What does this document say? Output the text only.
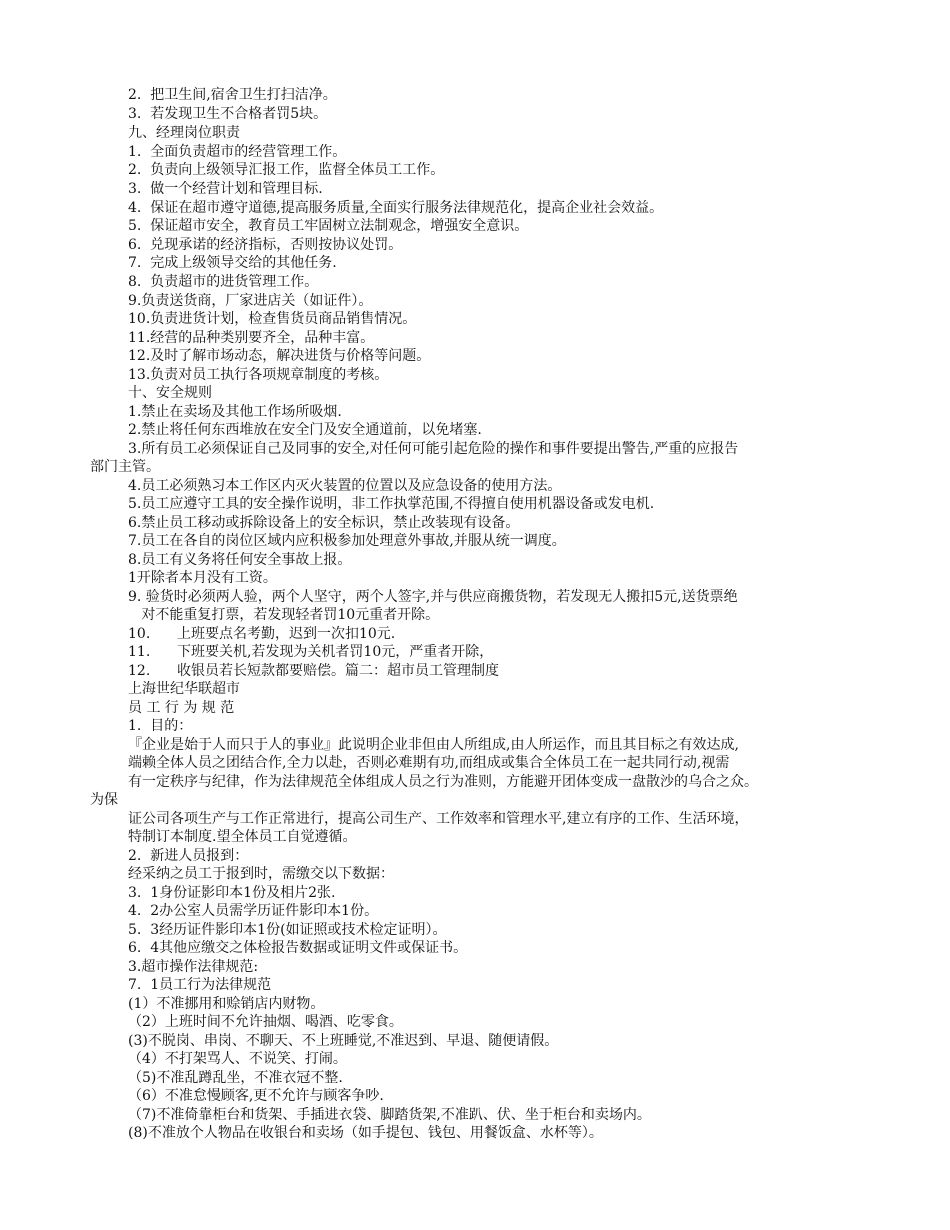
2.  把卫生间,宿舍卫生打扫洁净。
3.  若发现卫生不合格者罚5块。
九、经理岗位职责
1.  全面负责超市的经营管理工作。
2.  负责向上级领导汇报工作，监督全体员工工作。
3.  做一个经营计划和管理目标.
4.  保证在超市遵守道德,提高服务质量,全面实行服务法律规范化，提高企业社会效益。
5.  保证超市安全，教育员工牢固树立法制观念，增强安全意识。
6.  兑现承诺的经济指标，否则按协议处罚。
7.  完成上级领导交给的其他任务.
8.  负责超市的进货管理工作。
9.负责送货商，厂家进店关（如证件）。
10.负责进货计划，检查售货员商品销售情况。
11.经营的品种类别要齐全，品种丰富。
12.及时了解市场动态，解决进货与价格等问题。
13.负责对员工执行各项规章制度的考核。
十、安全规则
1.禁止在卖场及其他工作场所吸烟.
2.禁止将任何东西堆放在安全门及安全通道前，以免堵塞.
3.所有员工必须保证自己及同事的安全,对任何可能引起危险的操作和事件要提出警告,严重的应报告
部门主管。
4.员工必须熟习本工作区内灭火装置的位置以及应急设备的使用方法。
5.员工应遵守工具的安全操作说明，非工作执掌范围,不得擅自使用机器设备或发电机.
6.禁止员工移动或拆除设备上的安全标识，禁止改装现有设备。
7.员工在各自的岗位区域内应积极参加处理意外事故,并服从统一调度。
8.员工有义务将任何安全事故上报。
1开除者本月没有工资。
9. 验货时必须两人验，两个人坚守，两个人签字,并与供应商搬货物，若发现无人搬扣5元,送货票绝
对不能重复打票，若发现轻者罚10元重者开除。
10.      上班要点名考勤，迟到一次扣10元.
11.      下班要关机,若发现为关机者罚10元，严重者开除，
12.      收银员若长短款都要赔偿。篇二：超市员工管理制度
上海世纪华联超市
员 工 行 为 规 范
1.  目的：
『企业是始于人而只于人的事业』此说明企业非但由人所组成,由人所运作，而且其目标之有效达成,
端赖全体人员之团结合作,全力以赴，否则必难期有功,而组成或集合全体员工在一起共同行动,视需
有一定秩序与纪律，作为法律规范全体组成人员之行为准则，方能避开团体变成一盘散沙的乌合之众。
为保
证公司各项生产与工作正常进行，提高公司生产、工作效率和管理水平,建立有序的工作、生活环境，
特制订本制度.望全体员工自觉遵循。
2.  新进人员报到：
经采纳之员工于报到时，需缴交以下数据：
3.  1身份证影印本1份及相片2张.
4.  2办公室人员需学历证件影印本1份。
5.  3经历证件影印本1份(如证照或技术检定证明）。
6.  4其他应缴交之体检报告数据或证明文件或保证书。
3.超市操作法律规范:
7.  1员工行为法律规范
(1）不准挪用和赊销店内财物。
（2）上班时间不允许抽烟、喝酒、吃零食。
(3)不脱岗、串岗、不聊天、不上班睡觉,不准迟到、早退、随便请假。
（4）不打架骂人、不说笑、打闹。
（5)不准乱蹲乱坐，不准衣冠不整.
（6）不准怠慢顾客,更不允许与顾客争吵.
（7)不准倚靠柜台和货架、手插进衣袋、脚踏货架,不准趴、伏、坐于柜台和卖场内。
(8)不准放个人物品在收银台和卖场（如手提包、钱包、用餐饭盒、水杯等）。
